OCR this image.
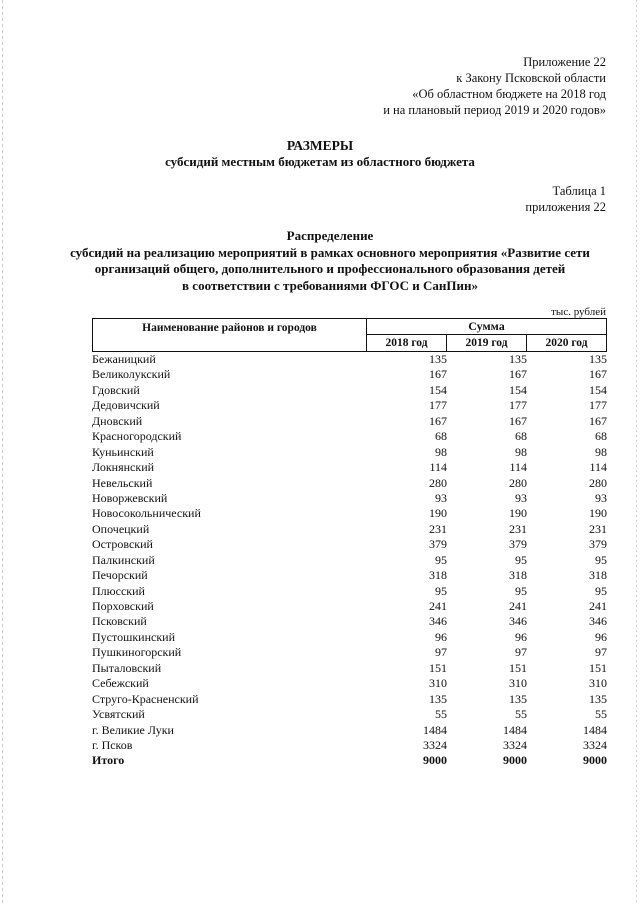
Приложение 22
к Закону Псковской области
«Об областном бюджете на 2018 год
и на плановый период 2019 и 2020 годов»
РАЗМЕРЫ
субсидий местным бюджетам из областного бюджета
Таблица 1
приложения 22
Распределение
субсидий на реализацию мероприятий в рамках основного мероприятия «Развитие сети
организаций общего, дополнительного и профессионального образования детей
в соответствии с требованиями ФГОС и СанПин»
тыс. рублей
Наименование районов и городов	Сумма
2018 год	2019 год	2020 год
Бежаницкий	135	135	135
Великолукский	167	167	167
Гдовский	154	154	154
Дедовичский	177	177	177
Дновский	167	167	167
Красногородский	68	68	68
Куньинский	98	98	98
Локнянский	114	114	114
Невельский	280	280	280
Новоржевский	93	93	93
Новосокольнический	190	190	190
Опочецкий	231	231	231
Островский	379	379	379
Палкинский	95	95	95
Печорский	318	318	318
Плюсский	95	95	95
Порховский	241	241	241
Псковский	346	346	346
Пустошкинский	96	96	96
Пушкиногорский	97	97	97
Пыталовский	151	151	151
Себежский	310	310	310
Струго-Красненский	135	135	135
Усвятский	55	55	55
г. Великие Луки	1484	1484	1484
г. Псков	3324	3324	3324
Итого	9000	9000	9000
